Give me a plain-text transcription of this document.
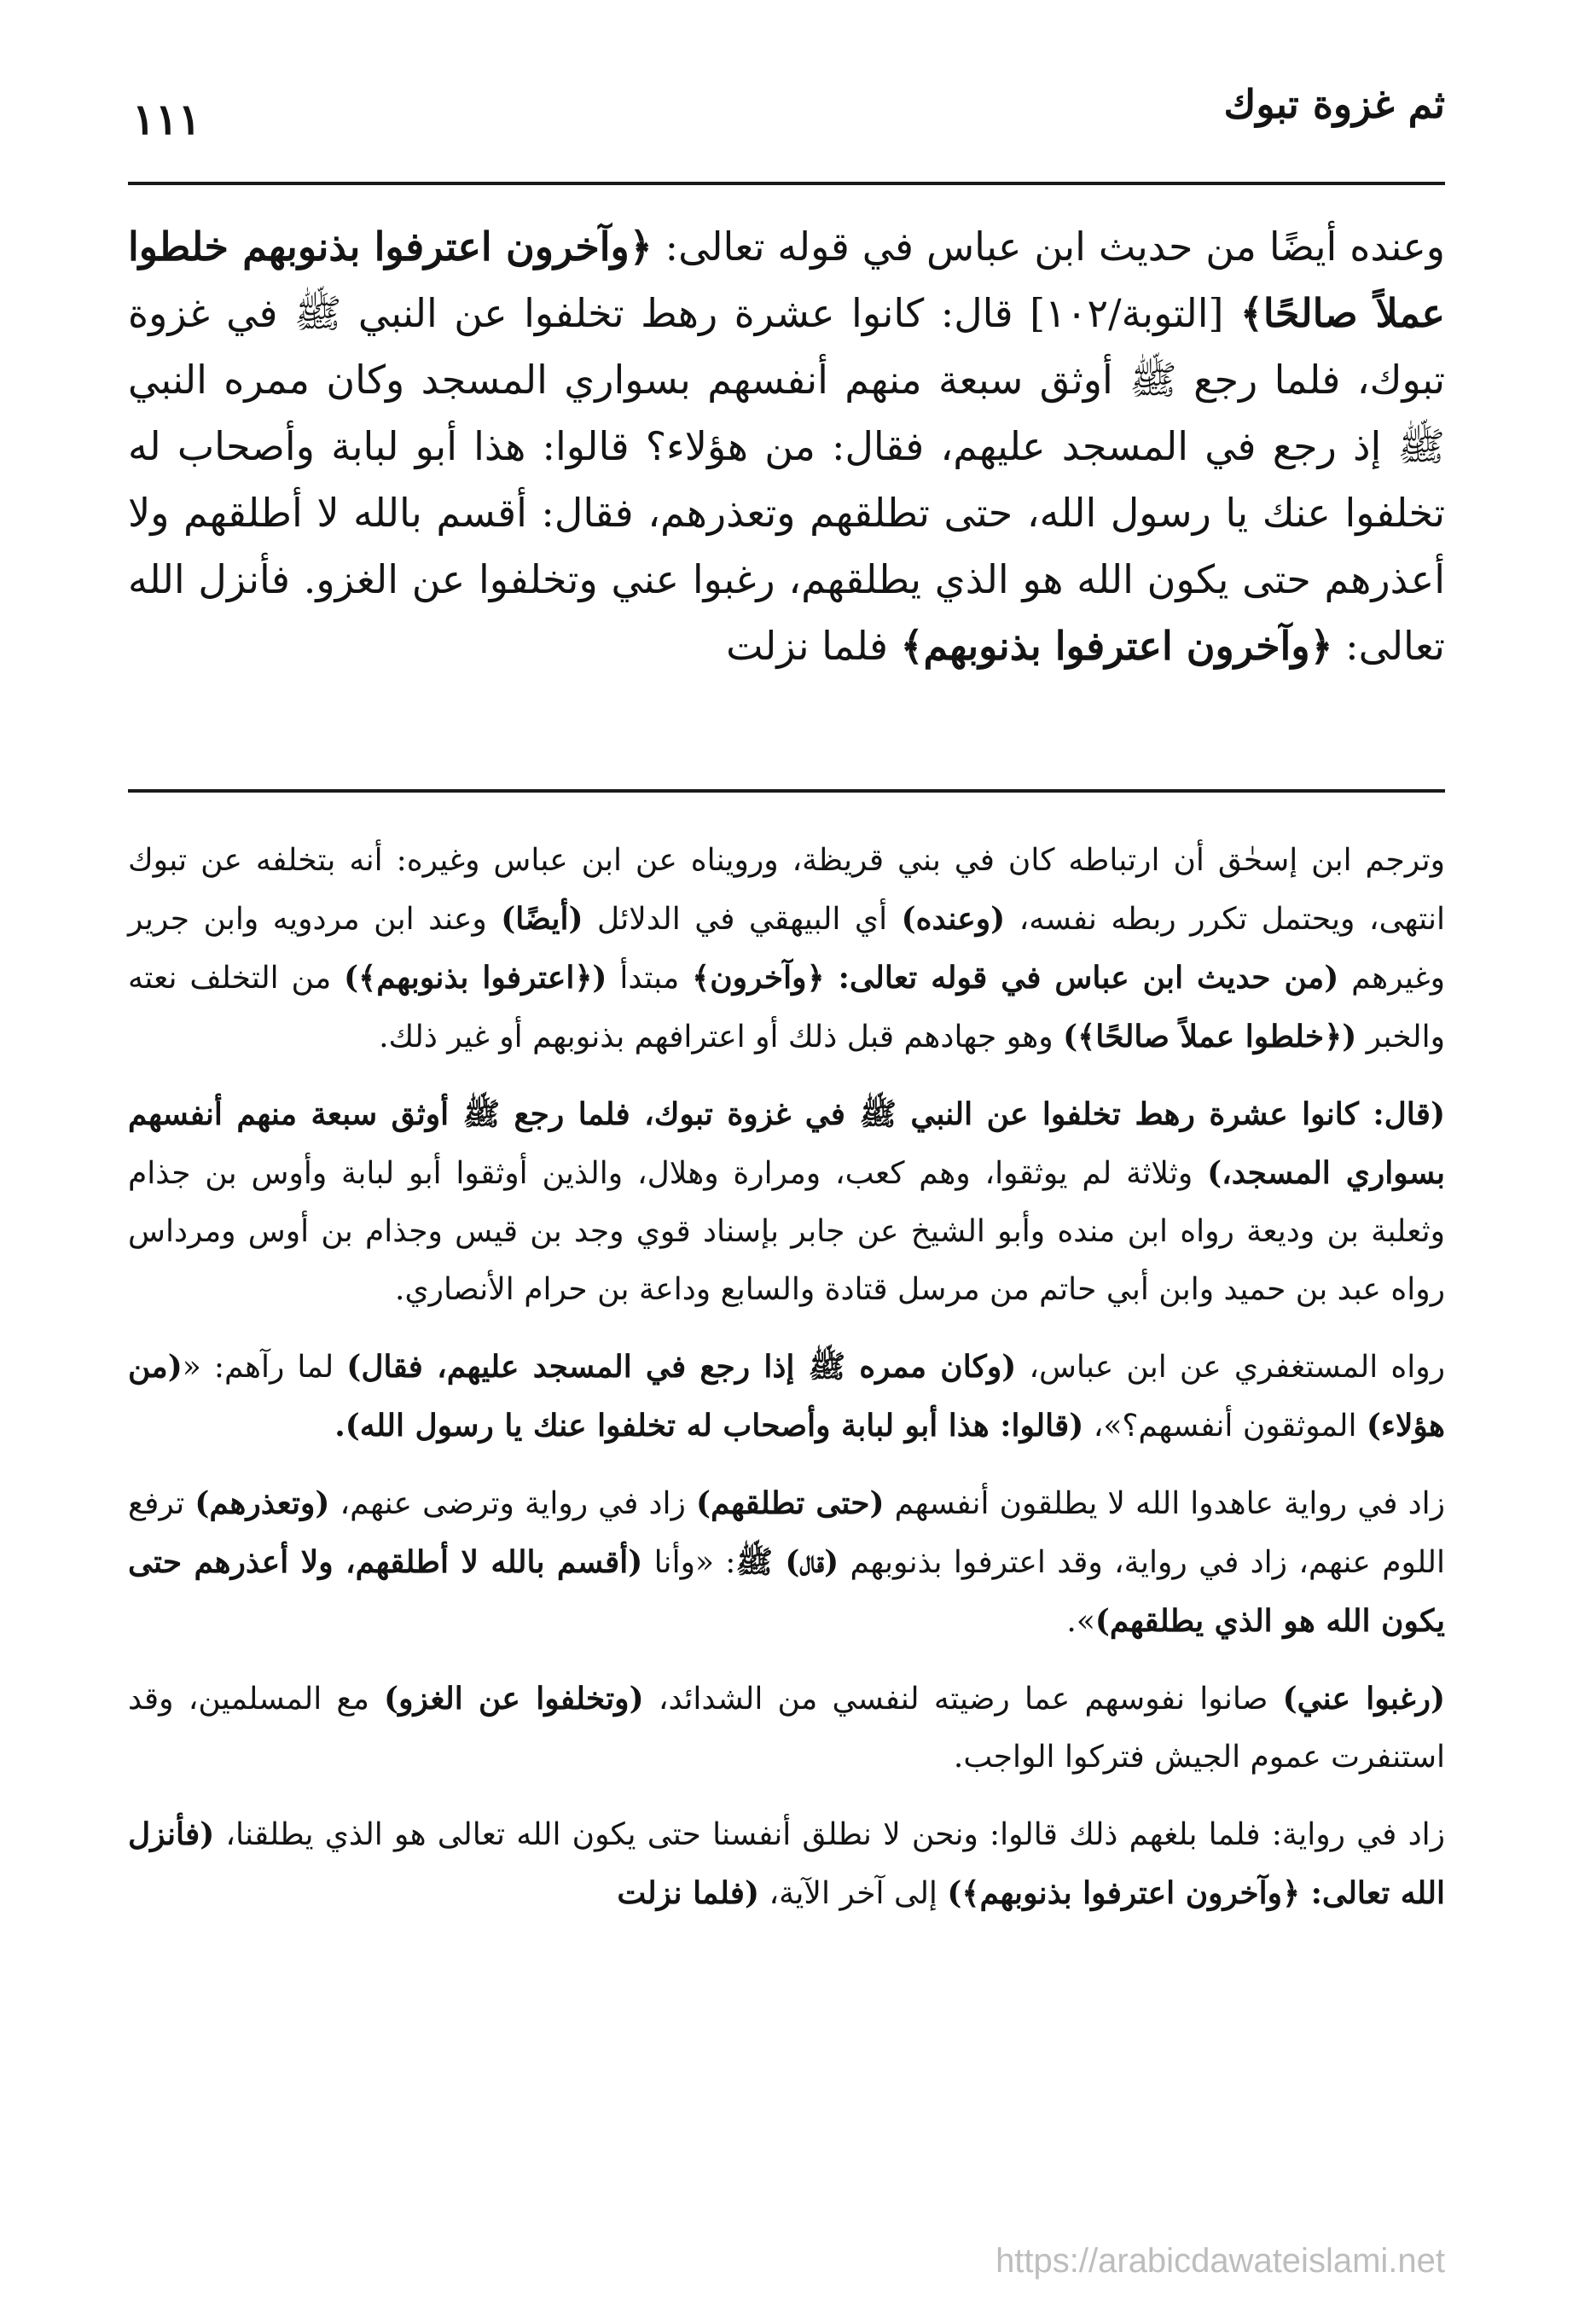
ثم غزوة تبوك
١١١

وعنده أيضًا من حديث ابن عباس في قوله تعالى: ﴿وآخرون اعترفوا بذنوبهم خلطوا عملاً صالحًا﴾ [التوبة/١٠٢] قال: كانوا عشرة رهط تخلفوا عن النبي ﷺ في غزوة تبوك، فلما رجع ﷺ أوثق سبعة منهم أنفسهم بسواري المسجد وكان ممره النبي ﷺ إذ رجع في المسجد عليهم، فقال: من هؤلاء؟ قالوا: هذا أبو لبابة وأصحاب له تخلفوا عنك يا رسول الله، حتى تطلقهم وتعذرهم، فقال: أقسم بالله لا أطلقهم ولا أعذرهم حتى يكون الله هو الذي يطلقهم، رغبوا عني وتخلفوا عن الغزو. فأنزل الله تعالى: ﴿وآخرون اعترفوا بذنوبهم﴾ فلما نزلت

وترجم ابن إسحٰق أن ارتباطه كان في بني قريظة، ورويناه عن ابن عباس وغيره: أنه بتخلفه عن تبوك انتهى، ويحتمل تكرر ربطه نفسه، (وعنده) أي البيهقي في الدلائل (أيضًا) وعند ابن مردويه وابن جرير وغيرهم (من حديث ابن عباس في قوله تعالى: ﴿وآخرون﴾ مبتدأ (﴿اعترفوا بذنوبهم﴾) من التخلف نعته والخبر (﴿خلطوا عملاً صالحًا﴾) وهو جهادهم قبل ذلك أو اعترافهم بذنوبهم أو غير ذلك.

(قال: كانوا عشرة رهط تخلفوا عن النبي ﷺ في غزوة تبوك، فلما رجع ﷺ أوثق سبعة منهم أنفسهم بسواري المسجد،) وثلاثة لم يوثقوا، وهم كعب، ومرارة وهلال، والذين أوثقوا أبو لبابة وأوس بن جذام وثعلبة بن وديعة رواه ابن منده وأبو الشيخ عن جابر بإسناد قوي وجد بن قيس وجذام بن أوس ومرداس رواه عبد بن حميد وابن أبي حاتم من مرسل قتادة والسابع وداعة بن حرام الأنصاري.

رواه المستغفري عن ابن عباس، (وكان ممره ﷺ إذا رجع في المسجد عليهم، فقال) لما رآهم: «(من هؤلاء) الموثقون أنفسهم؟»، (قالوا: هذا أبو لبابة وأصحاب له تخلفوا عنك يا رسول الله).

زاد في رواية عاهدوا الله لا يطلقون أنفسهم (حتى تطلقهم) زاد في رواية وترضى عنهم، (وتعذرهم) ترفع اللوم عنهم، زاد في رواية، وقد اعترفوا بذنوبهم (قال) ﷺ: «وأنا (أقسم بالله لا أطلقهم، ولا أعذرهم حتى يكون الله هو الذي يطلقهم)».

(رغبوا عني) صانوا نفوسهم عما رضيته لنفسي من الشدائد، (وتخلفوا عن الغزو) مع المسلمين، وقد استنفرت عموم الجيش فتركوا الواجب.

زاد في رواية: فلما بلغهم ذلك قالوا: ونحن لا نطلق أنفسنا حتى يكون الله تعالى هو الذي يطلقنا، (فأنزل الله تعالى: ﴿وآخرون اعترفوا بذنوبهم﴾) إلى آخر الآية، (فلما نزلت

https://arabicdawateislami.net
